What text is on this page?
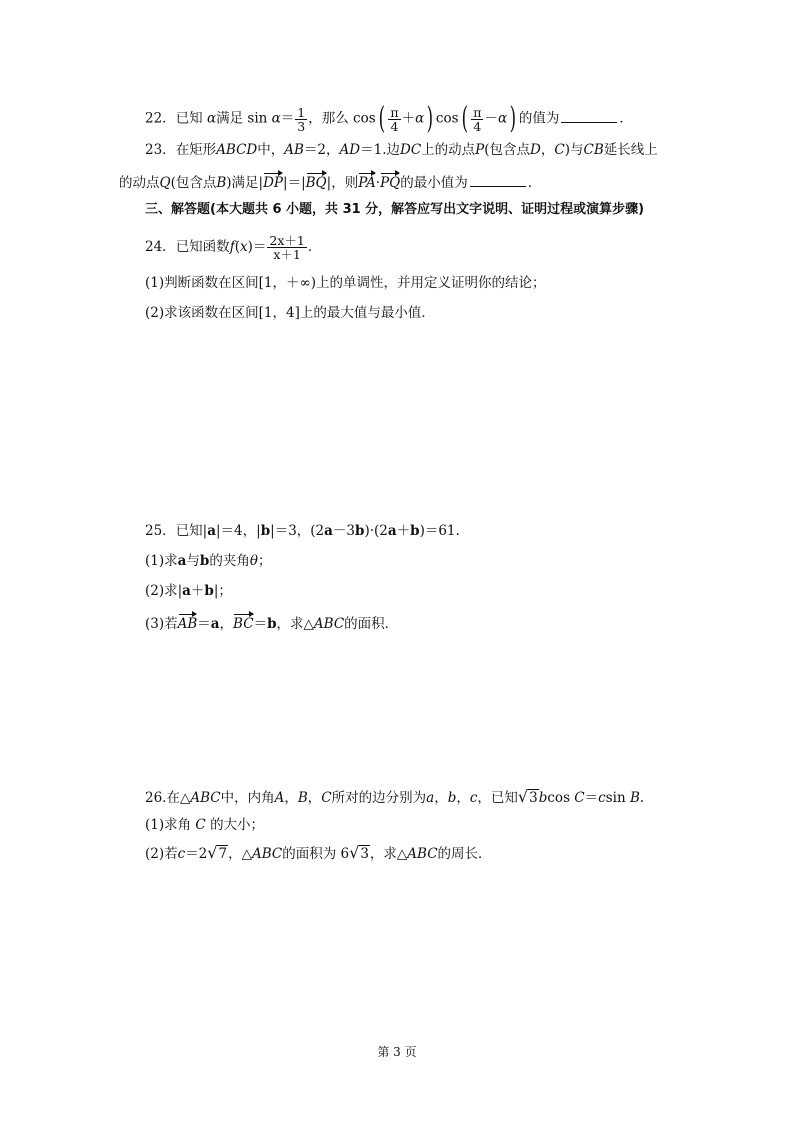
22．已知 α满足 $\sin \alpha= \frac{1}{3}$ ，那么 $\cos( \frac{\pi}{4} +\alpha)$ $\cos( \frac{\pi}{4} -\alpha)$ 的值为	．
23．在矩形ABCD中，AB＝2，AD＝1.边DC上的动点P(包含点D，C)与CB延长线上
的动点Q(包含点B)满足|DP|＝|BQ|，则PA·PQ的最小值为	．
三、解答题(本大题共 6 小题，共 31 分，解答应写出文字说明、证明过程或演算步骤)
24．已知函数$f(x)= \frac{2x+1}{x+1}$ ．
(1)判断函数在区间[1，＋∞)上的单调性，并用定义证明你的结论；
(2)求该函数在区间[1，4]上的最大值与最小值．
25．已知|a|＝4，|b|＝3，(2a－3b)·(2a＋b)＝61.
(1)求a与b的夹角θ；
(2)求|a＋b|；
(3)若AB＝a，BC＝b，求△ABC的面积．
26.在△ABC中，内角A，B，C所对的边分别为a，b，c，已知√3bcos C＝csin B.
(1)求角 C 的大小；
(2)若c＝2√7，△ABC的面积为 6√3，求△ABC的周长．
第 3 页
